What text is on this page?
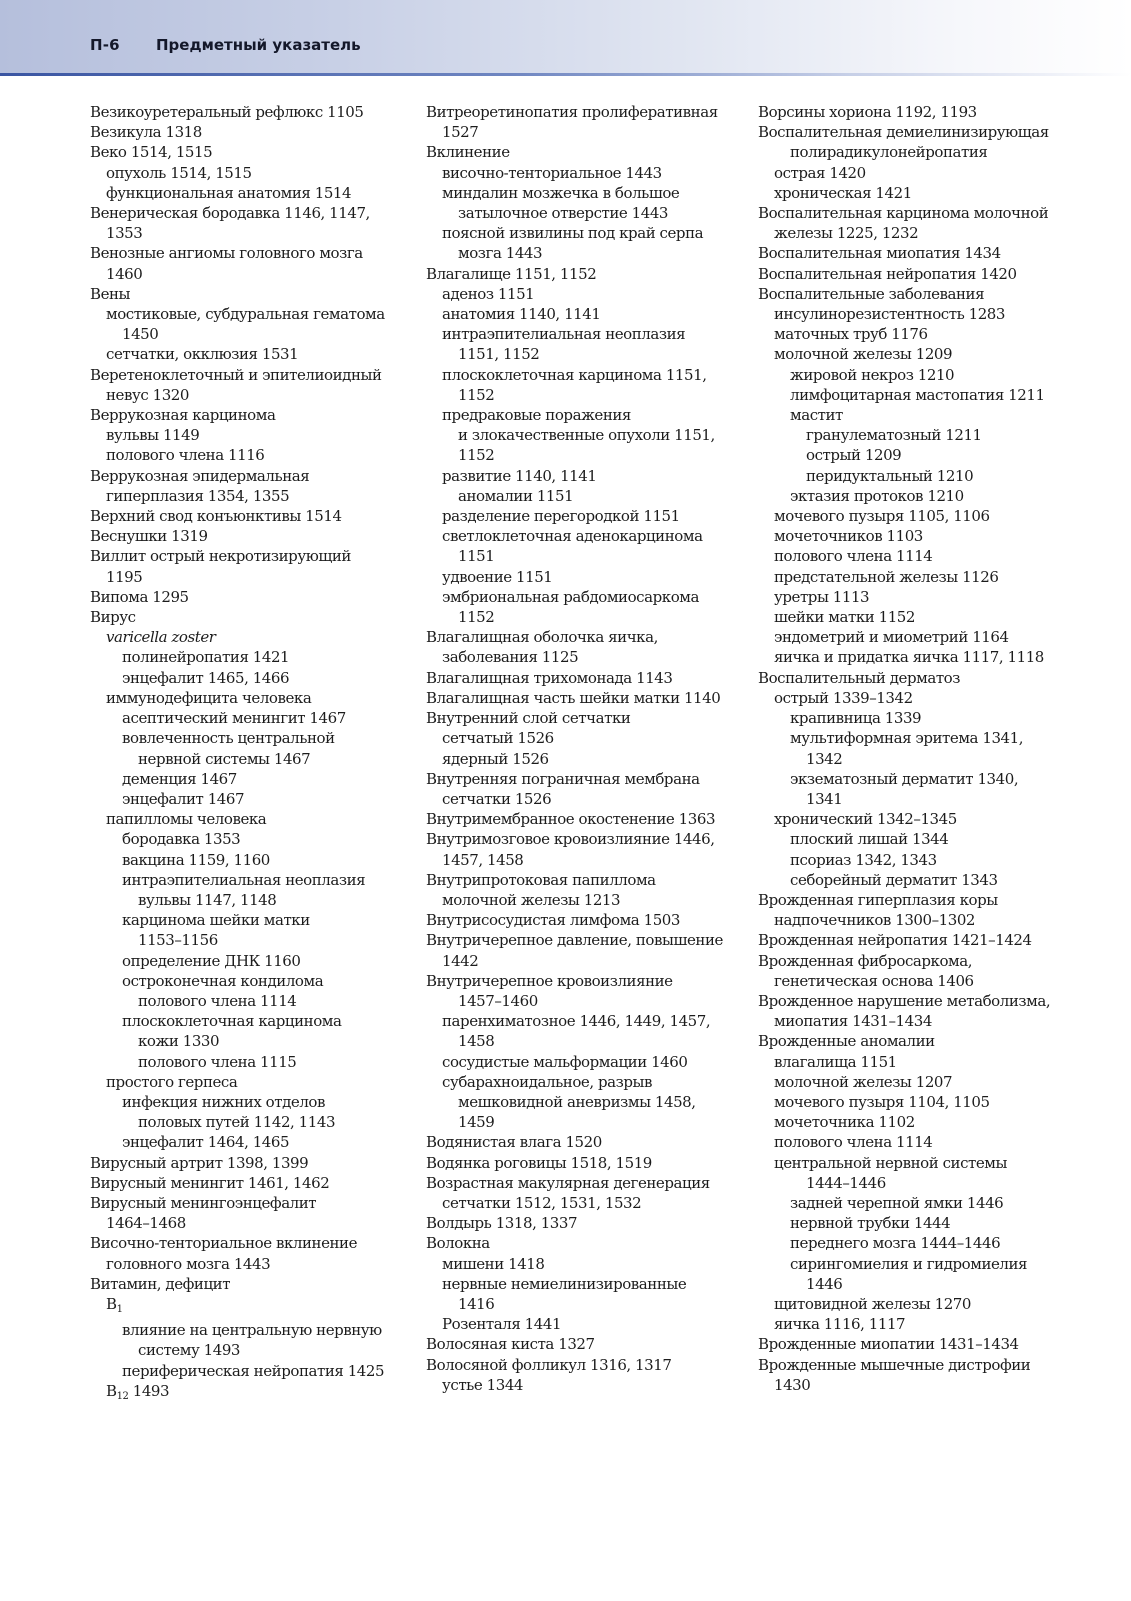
П-6 Предметный указатель
Везикоуретеральный рефлюкс 1105
Везикула 1318
Веко 1514, 1515
опухоль 1514, 1515
функциональная анатомия 1514
Венерическая бородавка 1146, 1147,
1353
Венозные ангиомы головного мозга
1460
Вены
мостиковые, субдуральная гематома
1450
сетчатки, окклюзия 1531
Веретеноклеточный и эпителиоидный
невус 1320
Веррукозная карцинома
вульвы 1149
полового члена 1116
Веррукозная эпидермальная
гиперплазия 1354, 1355
Верхний свод конъюнктивы 1514
Веснушки 1319
Виллит острый некротизирующий
1195
Випома 1295
Вирус
varicella zoster
полинейропатия 1421
энцефалит 1465, 1466
иммунодефицита человека
асептический менингит 1467
вовлеченность центральной
нервной системы 1467
деменция 1467
энцефалит 1467
папилломы человека
бородавка 1353
вакцина 1159, 1160
интраэпителиальная неоплазия
вульвы 1147, 1148
карцинома шейки матки
1153–1156
определение ДНК 1160
остроконечная кондилома
полового члена 1114
плоскоклеточная карцинома
кожи 1330
полового члена 1115
простого герпеса
инфекция нижних отделов
половых путей 1142, 1143
энцефалит 1464, 1465
Вирусный артрит 1398, 1399
Вирусный менингит 1461, 1462
Вирусный менингоэнцефалит
1464–1468
Височно-тенториальное вклинение
головного мозга 1443
Витамин, дефицит
$B_1$
влияние на центральную нервную
систему 1493
периферическая нейропатия 1425
$B_{12}$ 1493
Витреоретинопатия пролиферативная
1527
Вклинение
височно-тенториальное 1443
миндалин мозжечка в большое
затылочное отверстие 1443
поясной извилины под край серпа
мозга 1443
Влагалище 1151, 1152
аденоз 1151
анатомия 1140, 1141
интраэпителиальная неоплазия
1151, 1152
плоскоклеточная карцинома 1151,
1152
предраковые поражения
и злокачественные опухоли 1151,
1152
развитие 1140, 1141
аномалии 1151
разделение перегородкой 1151
светлоклеточная аденокарцинома
1151
удвоение 1151
эмбриональная рабдомиосаркома
1152
Влагалищная оболочка яичка,
заболевания 1125
Влагалищная трихомонада 1143
Влагалищная часть шейки матки 1140
Внутренний слой сетчатки
сетчатый 1526
ядерный 1526
Внутренняя пограничная мембрана
сетчатки 1526
Внутримембранное окостенение 1363
Внутримозговое кровоизлияние 1446,
1457, 1458
Внутрипротоковая папиллома
молочной железы 1213
Внутрисосудистая лимфома 1503
Внутричерепное давление, повышение
1442
Внутричерепное кровоизлияние
1457–1460
паренхиматозное 1446, 1449, 1457,
1458
сосудистые мальформации 1460
субарахноидальное, разрыв
мешковидной аневризмы 1458,
1459
Водянистая влага 1520
Водянка роговицы 1518, 1519
Возрастная макулярная дегенерация
сетчатки 1512, 1531, 1532
Волдырь 1318, 1337
Волокна
мишени 1418
нервные немиелинизированные
1416
Розенталя 1441
Волосяная киста 1327
Волосяной фолликул 1316, 1317
устье 1344
Ворсины хориона 1192, 1193
Воспалительная демиелинизирующая
полирадикулонейропатия
острая 1420
хроническая 1421
Воспалительная карцинома молочной
железы 1225, 1232
Воспалительная миопатия 1434
Воспалительная нейропатия 1420
Воспалительные заболевания
инсулинорезистентность 1283
маточных труб 1176
молочной железы 1209
жировой некроз 1210
лимфоцитарная мастопатия 1211
мастит
гранулематозный 1211
острый 1209
перидуктальный 1210
эктазия протоков 1210
мочевого пузыря 1105, 1106
мочеточников 1103
полового члена 1114
предстательной железы 1126
уретры 1113
шейки матки 1152
эндометрий и миометрий 1164
яичка и придатка яичка 1117, 1118
Воспалительный дерматоз
острый 1339–1342
крапивница 1339
мультиформная эритема 1341,
1342
экзематозный дерматит 1340,
1341
хронический 1342–1345
плоский лишай 1344
псориаз 1342, 1343
себорейный дерматит 1343
Врожденная гиперплазия коры
надпочечников 1300–1302
Врожденная нейропатия 1421–1424
Врожденная фибросаркома,
генетическая основа 1406
Врожденное нарушение метаболизма,
миопатия 1431–1434
Врожденные аномалии
влагалища 1151
молочной железы 1207
мочевого пузыря 1104, 1105
мочеточника 1102
полового члена 1114
центральной нервной системы
1444–1446
задней черепной ямки 1446
нервной трубки 1444
переднего мозга 1444–1446
сирингомиелия и гидромиелия
1446
щитовидной железы 1270
яичка 1116, 1117
Врожденные миопатии 1431–1434
Врожденные мышечные дистрофии
1430
